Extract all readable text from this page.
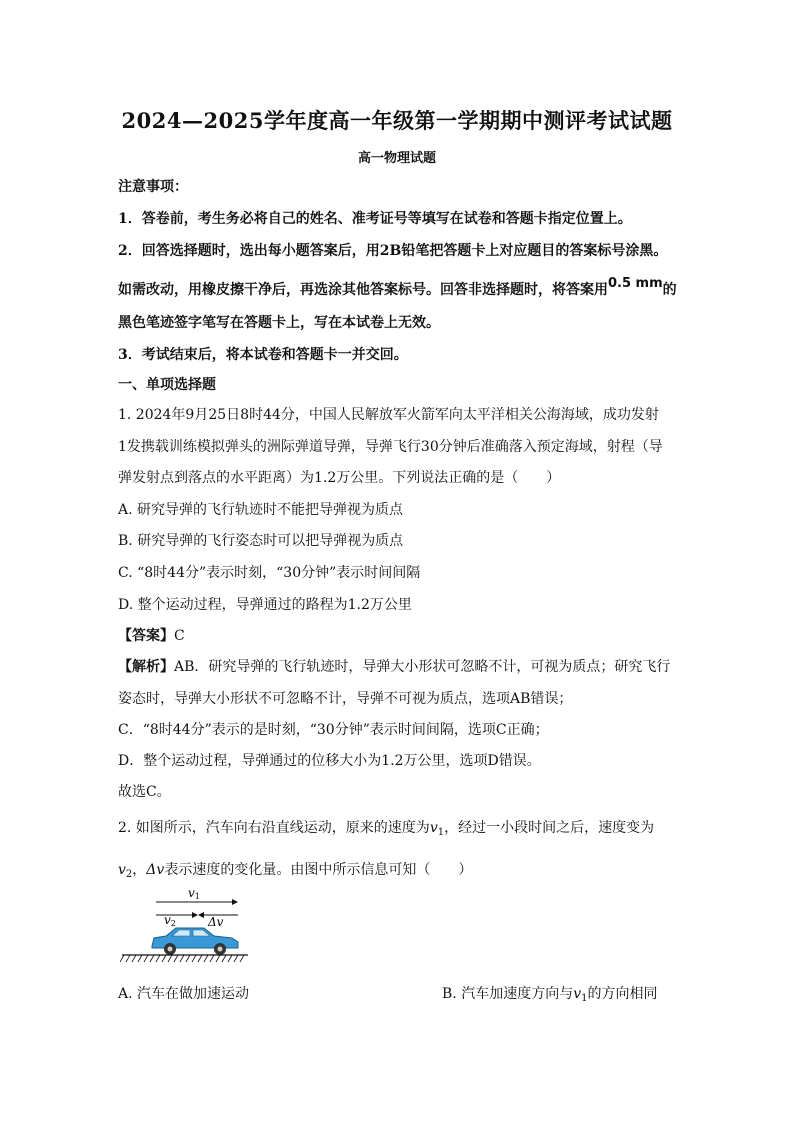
2024—2025学年度高一年级第一学期期中测评考试试题
高一物理试题
注意事项：
1．答卷前，考生务必将自己的姓名、准考证号等填写在试卷和答题卡指定位置上。
2．回答选择题时，选出每小题答案后，用2B铅笔把答题卡上对应题目的答案标号涂黑。
如需改动，用橡皮擦干净后，再选涂其他答案标号。回答非选择题时，将答案用0.5 mm的
黑色笔迹签字笔写在答题卡上，写在本试卷上无效。
3．考试结束后，将本试卷和答题卡一并交回。
一、单项选择题
1. 2024年9月25日8时44分，中国人民解放军火箭军向太平洋相关公海海域，成功发射
1发携载训练模拟弹头的洲际弹道导弹，导弹飞行30分钟后准确落入预定海域，射程（导
弹发射点到落点的水平距离）为1.2万公里。下列说法正确的是（　　）
A. 研究导弹的飞行轨迹时不能把导弹视为质点
B. 研究导弹的飞行姿态时可以把导弹视为质点
C. “8时44分”表示时刻，“30分钟”表示时间间隔
D. 整个运动过程，导弹通过的路程为1.2万公里
【答案】C
【解析】AB．研究导弹的飞行轨迹时，导弹大小形状可忽略不计，可视为质点；研究飞行
姿态时，导弹大小形状不可忽略不计，导弹不可视为质点，选项AB错误；
C．“8时44分”表示的是时刻，“30分钟”表示时间间隔，选项C正确；
D．整个运动过程，导弹通过的位移大小为1.2万公里，选项D错误。
故选C。
2. 如图所示，汽车向右沿直线运动，原来的速度为$v_1$，经过一小段时间之后，速度变为
$v_2$，Δv表示速度的变化量。由图中所示信息可知（　　）
v1
v2	Δv
A. 汽车在做加速运动	B. 汽车加速度方向与$v_1$的方向相同
